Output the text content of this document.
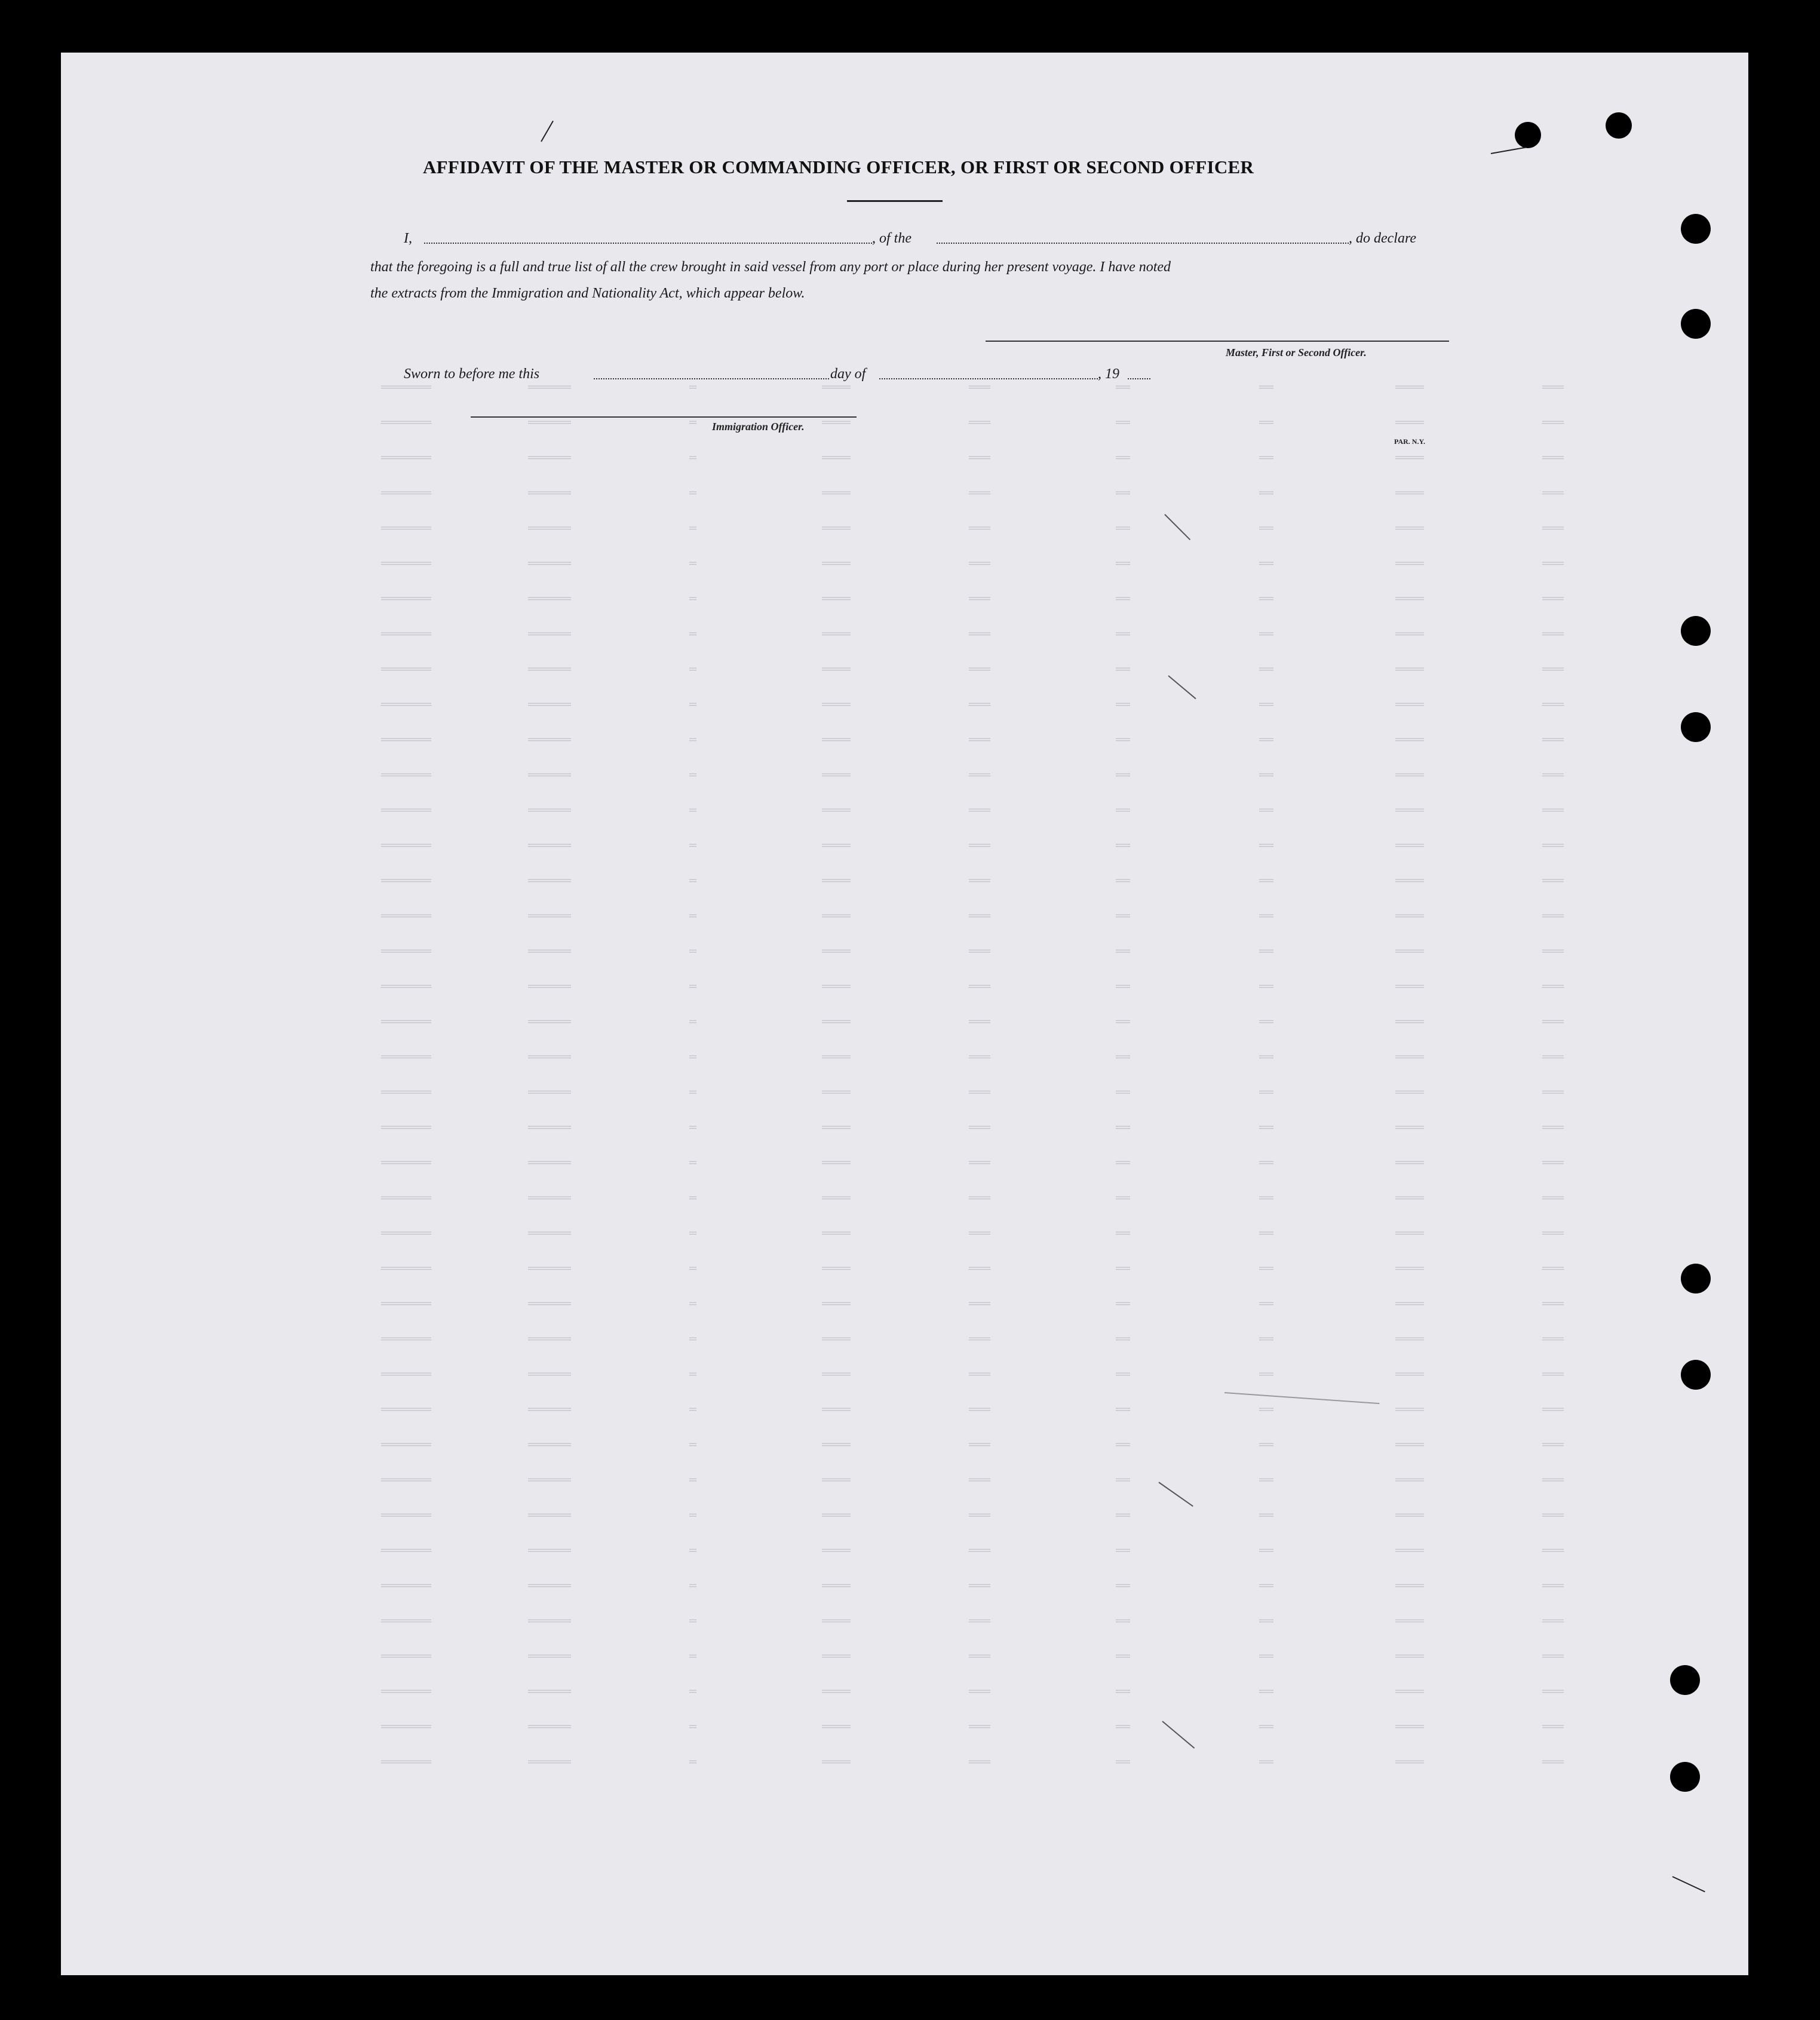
═══
════
══
══
═══
════
═
══════
═══════
═══
════
══
══
═══
════
═
══════
═══════
═══
════
══
══
═══
════
═
══════
═══════
═══
════
══
══
═══
════
═
══════
═══════
═══
════
══
══
═══
════
═
══════
═══════
═══
════
══
══
═══
════
═
══════
═══════
═══
════
══
══
═══
════
═
══════
═══════
═══
════
══
══
═══
════
═
══════
═══════
═══
════
══
══
═══
════
═
══════
═══════
═══
════
══
══
═══
════
═
══════
═══════
═══
════
══
══
═══
════
═
══════
═══════
═══
════
══
══
═══
════
═
══════
═══════
═══
════
══
══
═══
════
═
══════
═══════
═══
════
══
══
═══
════
═
══════
═══════
═══
════
══
══
═══
════
═
══════
═══════
═══
════
══
══
═══
════
═
══════
═══════
═══
════
══
══
═══
════
═
══════
═══════
═══
════
══
══
═══
════
═
══════
═══════
═══
════
══
══
═══
════
═
══════
═══════
═══
════
══
══
═══
════
═
══════
═══════
═══
════
══
══
═══
════
═
══════
═══════
═══
════
══
══
═══
════
═
══════
═══════
═══
════
══
══
═══
════
═
══════
═══════
═══
════
══
══
═══
════
═
══════
═══════
═══
════
══
══
═══
════
═
══════
═══════
═══
════
══
══
═══
════
═
══════
═══════
═══
════
══
══
═══
════
═
══════
═══════
═══
════
══
══
═══
════
═
══════
═══════
═══
════
══
══
═══
════
═
══════
═══════
═══
════
══
══
═══
════
═
══════
═══════
═══
════
══
══
═══
════
═
══════
═══════
═══
════
══
══
═══
════
═
══════
═══════
═══
════
══
══
═══
════
═
══════
═══════
═══
════
══
══
═══
════
═
══════
═══════
═══
════
══
══
═══
════
═
══════
═══════
═══
════
══
══
═══
════
═
══════
═══════
═══
════
══
══
═══
════
═
══════
═══════
═══
════
══
══
═══
════
═
══════
═══════
═══
════
══
══
═══
════
═
══════
═══════
═══
════
══
══
═══
════
═
══════
═══════
AFFIDAVIT OF THE MASTER OR COMMANDING OFFICER, OR FIRST OR SECOND OFFICER
I,	, of the	, do declare
that the foregoing is a full and true list of all the crew brought in said vessel from any port or place during her present voyage. I have noted
the extracts from the Immigration and Nationality Act, which appear below.
Master, First or Second Officer.
Sworn to before me this	day of	, 19
Immigration Officer.
PAR. N.Y.
